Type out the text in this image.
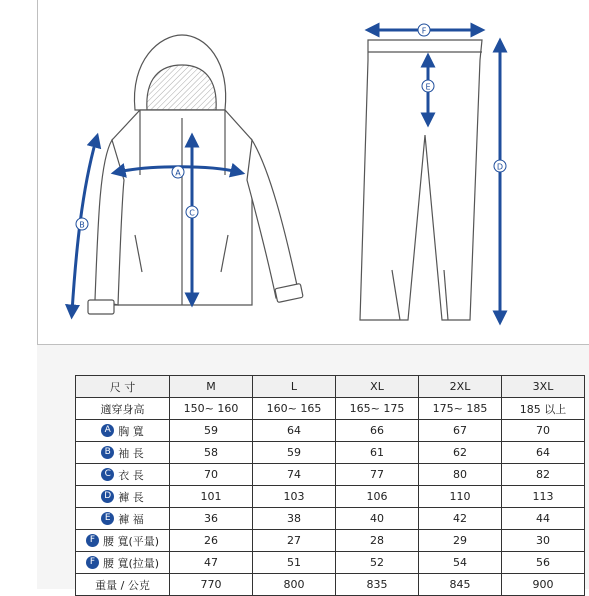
A
B
C
F
E
D
尺 寸	M	L	XL	2XL	3XL
適穿身高	150~ 160	160~ 165	165~ 175	175~ 185	185 以上
A 胸 寬	59	64	66	67	70
B 袖 長	58	59	61	62	64
C 衣 長	70	74	77	80	82
D 褲 長	101	103	106	110	113
E 褲 福	36	38	40	42	44
F 腰 寬(平量)	26	27	28	29	30
F 腰 寬(拉量)	47	51	52	54	56
重量 / 公克	770	800	835	845	900
